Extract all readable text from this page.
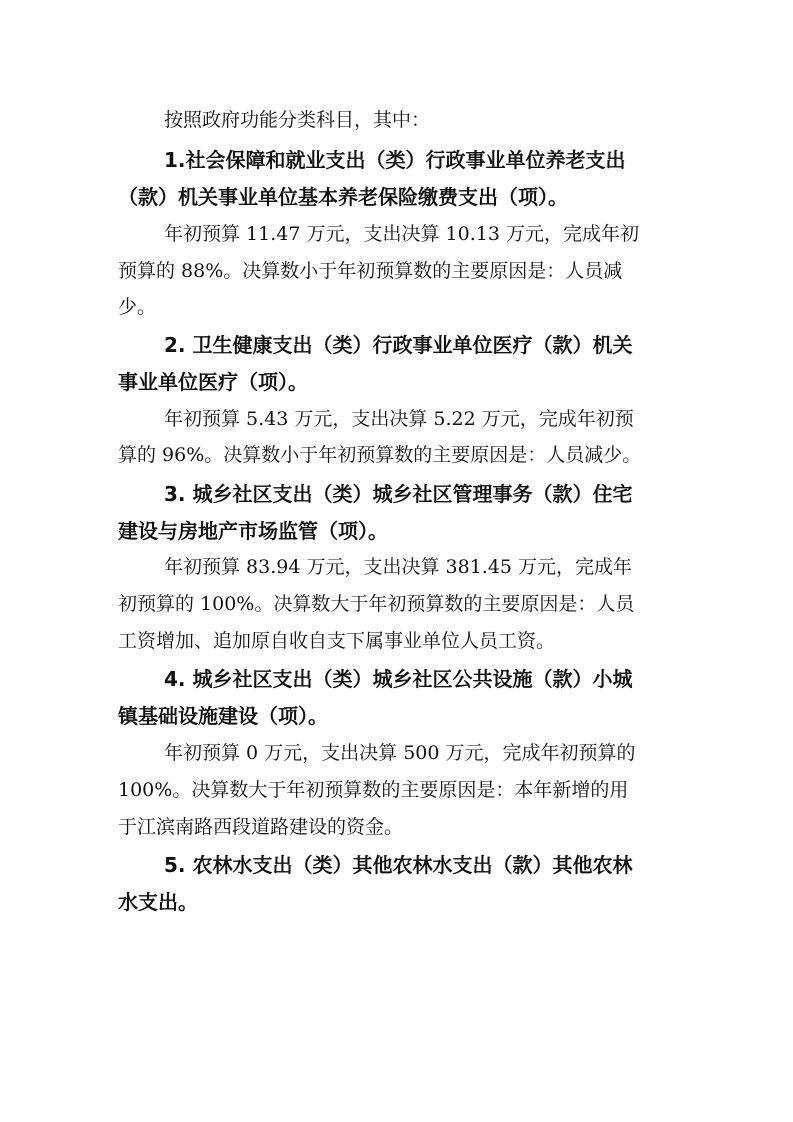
按照政府功能分类科目，其中：
1.社会保障和就业支出（类）行政事业单位养老支出
（款）机关事业单位基本养老保险缴费支出（项）。
年初预算 11.47 万元，支出决算 10.13 万元，完成年初
预算的 88%。决算数小于年初预算数的主要原因是：人员减
少。
2. 卫生健康支出（类）行政事业单位医疗（款）机关
事业单位医疗（项）。
年初预算 5.43 万元，支出决算 5.22 万元，完成年初预
算的 96%。决算数小于年初预算数的主要原因是：人员减少。
3. 城乡社区支出（类）城乡社区管理事务（款）住宅
建设与房地产市场监管（项）。
年初预算 83.94 万元，支出决算 381.45 万元，完成年
初预算的 100%。决算数大于年初预算数的主要原因是：人员
工资增加、追加原自收自支下属事业单位人员工资。
4. 城乡社区支出（类）城乡社区公共设施（款）小城
镇基础设施建设（项）。
年初预算 0 万元，支出决算 500 万元，完成年初预算的
100%。决算数大于年初预算数的主要原因是：本年新增的用
于江滨南路西段道路建设的资金。
5. 农林水支出（类）其他农林水支出（款）其他农林
水支出。
